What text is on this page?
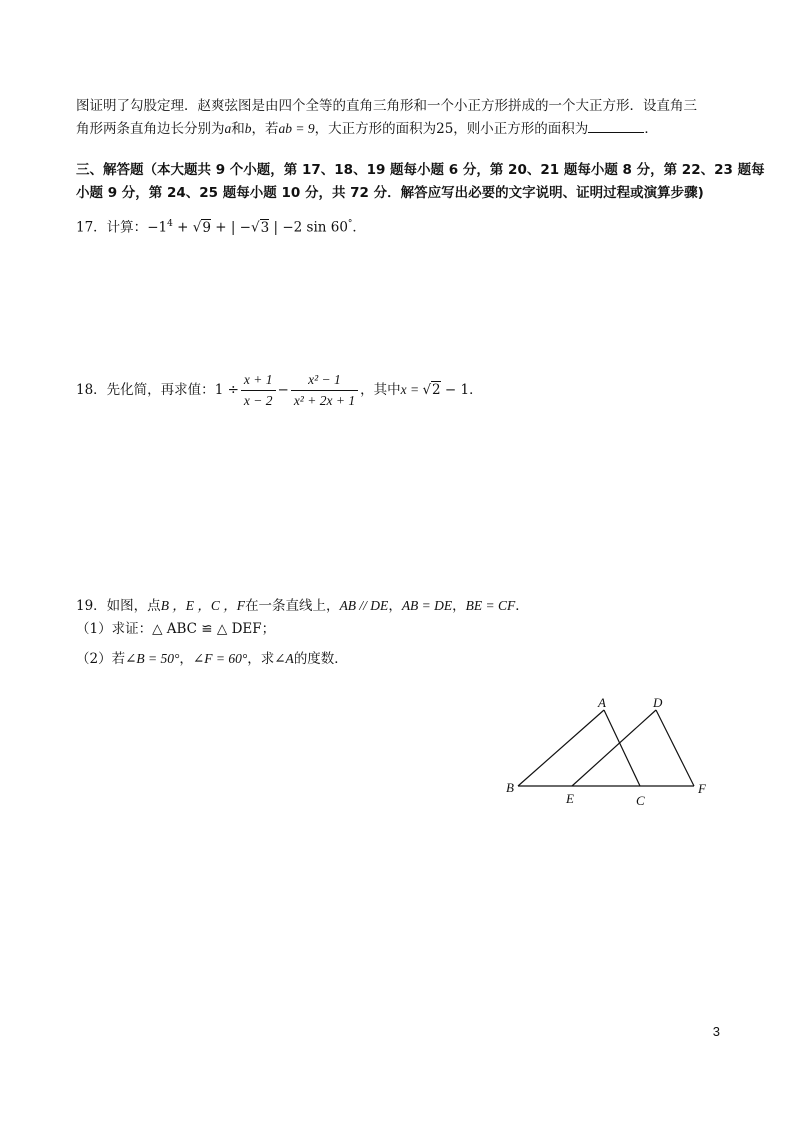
图证明了勾股定理．赵爽弦图是由四个全等的直角三角形和一个小正方形拼成的一个大正方形．设直角三
角形两条直角边长分别为a和b，若ab = 9，大正方形的面积为25，则小正方形的面积为	．
三、解答题（本大题共 9 个小题，第 17、18、19 题每小题 6 分，第 20、21 题每小题 8 分，第 22、23 题每
小题 9 分，第 24、25 题每小题 10 分，共 72 分．解答应写出必要的文字说明、证明过程或演算步骤)
17．计算：$-1^4 + √9$ + | −√3 | −2 sin 60°．
18．先化简，再求值：$1 \div \frac{x + 1}{x - 2} - \frac{\text{x² − 1}}{\text{x² + 2x + 1}}$ ，其中x = √2 − 1．
19．如图，点B ，E ，C ，F在一条直线上，AB // DE，AB = DE，BE = CF．
（1）求证：△ ABC ≌ △ DEF；
（2）若∠B = 50°，∠F = 60°，求∠A的度数．
A	D
B
E	C
F
3
